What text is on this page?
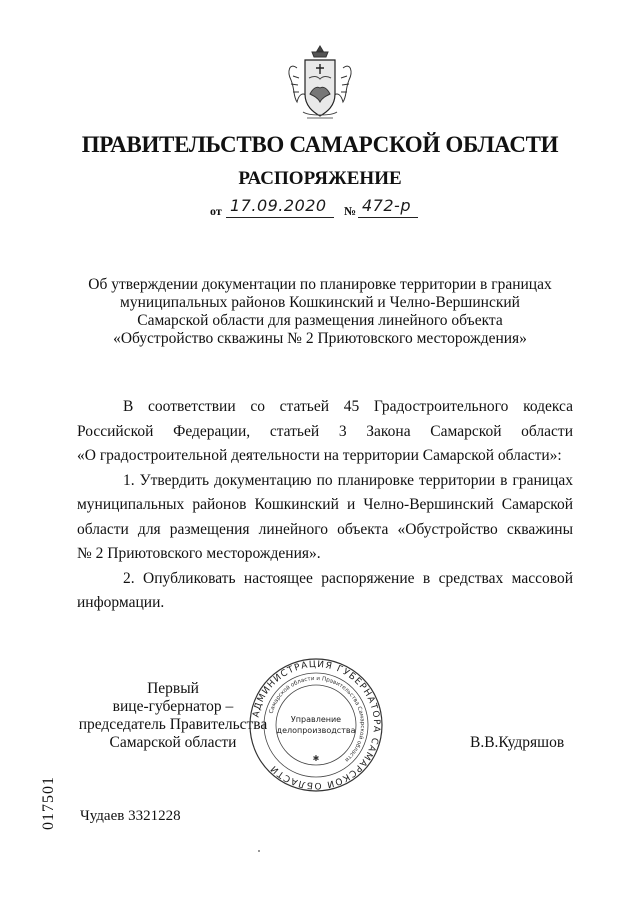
ПРАВИТЕЛЬСТВО САМАРСКОЙ ОБЛАСТИ
РАСПОРЯЖЕНИЕ
от 17.09.2020 № 472-р
Об утверждении документации по планировке территории в границах
муниципальных районов Кошкинский и Челно-Вершинский
Самарской области для размещения линейного объекта
«Обустройство скважины № 2 Приютовского месторождения»

В соответствии со статьей 45 Градостроительного кодекса

Российской Федерации, статьей 3 Закона Самарской области

«О градостроительной деятельности на территории Самарской области»:

1. Утвердить документацию по планировке территории в границах

муниципальных районов Кошкинский и Челно-Вершинский Самарской

области для размещения линейного объекта «Обустройство скважины

№ 2 Приютовского месторождения».

2. Опубликовать настоящее распоряжение в средствах массовой

информации.

Первый
вице-губернатор –
председатель Правительства
Самарской области
АДМИНИСТРАЦИЯ ГУБЕРНАТОРА САМАРСКОЙ ОБЛАСТИ
Самарской области и Правительства Самарской области
Управление
делопроизводства
✱
В.В.Кудряшов
017501 Чудаев 3321228
